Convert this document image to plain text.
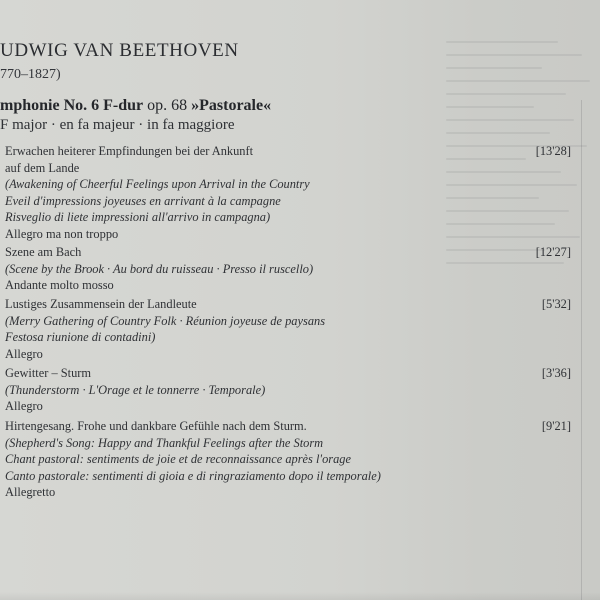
UDWIG VAN BEETHOVEN
770–1827)
mphonie No. 6 F-dur op. 68 »Pastorale«
F major · en fa majeur · in fa maggiore
Erwachen heiterer Empfindungen bei der Ankunft
auf dem Lande
(Awakening of Cheerful Feelings upon Arrival in the Country
Eveil d'impressions joyeuses en arrivant à la campagne
Risveglio di liete impressioni all'arrivo in campagna)
Allegro ma non troppo
[13'28]
Szene am Bach
(Scene by the Brook · Au bord du ruisseau · Presso il ruscello)
Andante molto mosso
[12'27]
Lustiges Zusammensein der Landleute
(Merry Gathering of Country Folk · Réunion joyeuse de paysans
Festosa riunione di contadini)
Allegro
[5'32]
Gewitter – Sturm
(Thunderstorm · L'Orage et le tonnerre · Temporale)
Allegro
[3'36]
Hirtengesang. Frohe und dankbare Gefühle nach dem Sturm.
(Shepherd's Song: Happy and Thankful Feelings after the Storm
Chant pastoral: sentiments de joie et de reconnaissance après l'orage
Canto pastorale: sentimenti di gioia e di ringraziamento dopo il temporale)
Allegretto
[9'21]
